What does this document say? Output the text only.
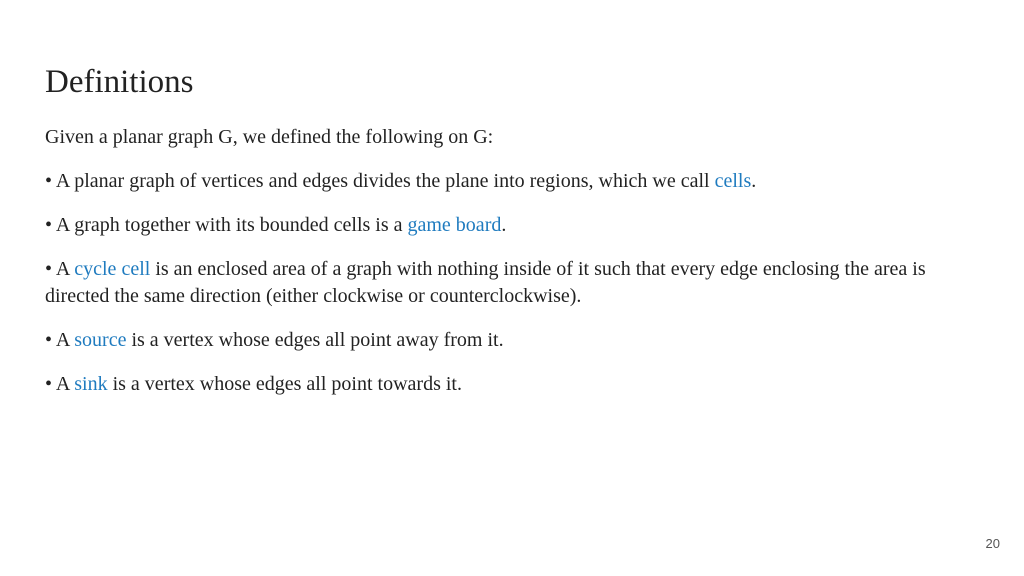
Definitions

Given a planar graph G, we defined the following on G:

• A planar graph of vertices and edges divides the plane into regions, which we call cells.

• A graph together with its bounded cells is a game board.

• A cycle cell is an enclosed area of a graph with nothing inside of it such that every edge enclosing the area is directed the same direction (either clockwise or counterclockwise).

• A source is a vertex whose edges all point away from it.

• A sink is a vertex whose edges all point towards it.

20
